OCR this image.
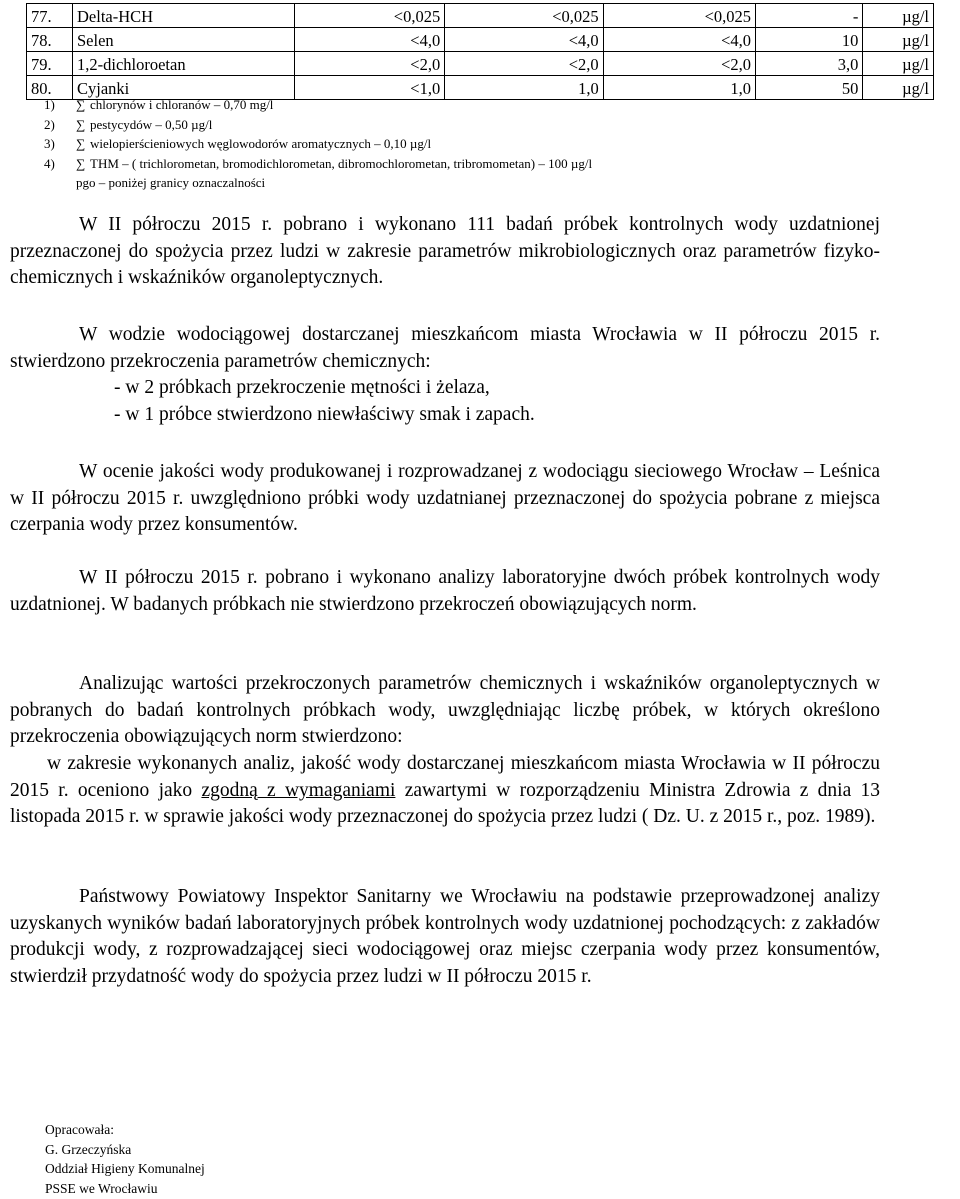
77.	Delta-HCH	<0,025	<0,025	<0,025	-	µg/l
78.	Selen	<4,0	<4,0	<4,0	10	µg/l
79.	1,2-dichloroetan	<2,0	<2,0	<2,0	3,0	µg/l
80.	Cyjanki	<1,0	1,0	1,0	50	µg/l
1) ∑ chlorynów i chloranów – 0,70 mg/l
2) ∑ pestycydów – 0,50 µg/l
3) ∑ wielopierścieniowych węglowodorów aromatycznych – 0,10 µg/l
4) ∑ THM – ( trichlorometan, bromodichlorometan, dibromochlorometan, tribromometan) – 100 µg/l
pgo – poniżej granicy oznaczalności

W II półroczu 2015 r. pobrano i wykonano 111 badań próbek kontrolnych wody uzdatnionej przeznaczonej do spożycia przez ludzi w zakresie parametrów mikrobiologicznych oraz parametrów fizyko-chemicznych i wskaźników organoleptycznych.

W wodzie wodociągowej dostarczanej mieszkańcom miasta Wrocławia w II półroczu 2015 r. stwierdzono przekroczenia parametrów chemicznych:
- w 2 próbkach przekroczenie mętności i żelaza,
- w 1 próbce stwierdzono niewłaściwy smak i zapach.

W ocenie jakości wody produkowanej i rozprowadzanej z wodociągu sieciowego Wrocław – Leśnica w II półroczu 2015 r. uwzględniono próbki wody uzdatnianej przeznaczonej do spożycia pobrane z miejsca czerpania wody przez konsumentów.

W II półroczu 2015 r. pobrano i wykonano analizy laboratoryjne dwóch próbek kontrolnych wody uzdatnionej. W badanych próbkach nie stwierdzono przekroczeń obowiązujących norm.

Analizując wartości przekroczonych parametrów chemicznych i wskaźników organoleptycznych w pobranych do badań kontrolnych próbkach wody, uwzględniając liczbę próbek, w których określono przekroczenia obowiązujących norm stwierdzono:

w zakresie wykonanych analiz, jakość wody dostarczanej mieszkańcom miasta Wrocławia w II półroczu 2015 r. oceniono jako zgodną z wymaganiami zawartymi w rozporządzeniu Ministra Zdrowia z dnia 13 listopada 2015 r. w sprawie jakości wody przeznaczonej do spożycia przez ludzi ( Dz. U. z 2015 r., poz. 1989).

Państwowy Powiatowy Inspektor Sanitarny we Wrocławiu na podstawie przeprowadzonej analizy uzyskanych wyników badań laboratoryjnych próbek kontrolnych wody uzdatnionej pochodzących: z zakładów produkcji wody, z rozprowadzającej sieci wodociągowej oraz miejsc czerpania wody przez konsumentów, stwierdził przydatność wody do spożycia przez ludzi w II półroczu 2015 r.

Opracowała:
G. Grzeczyńska
Oddział Higieny Komunalnej
PSSE we Wrocławiu
